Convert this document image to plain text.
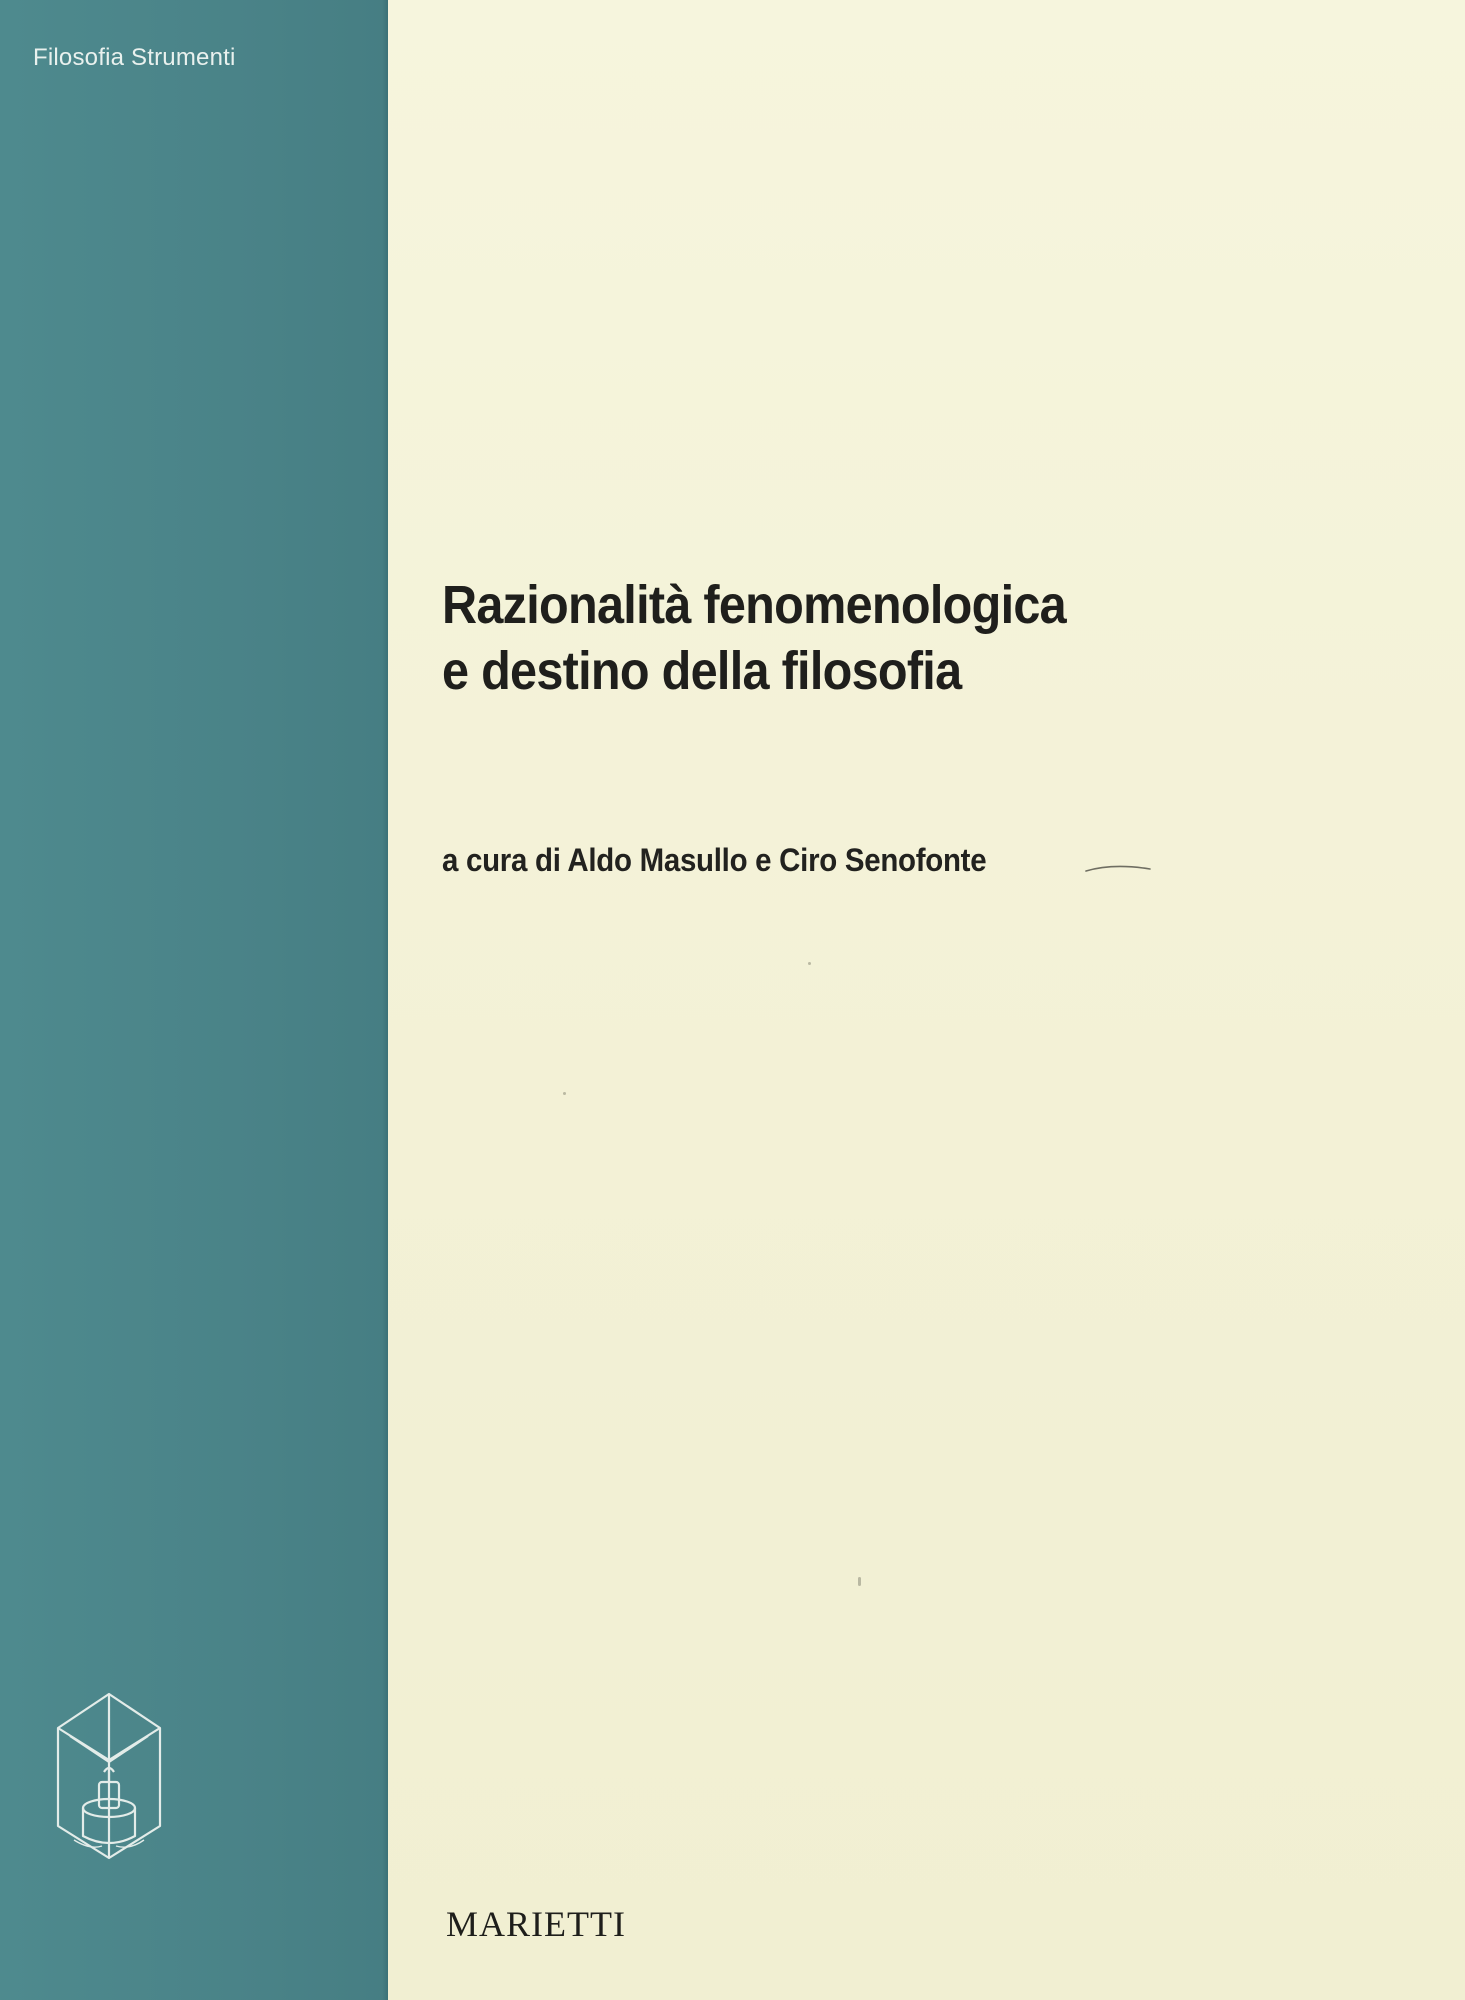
Filosofia Strumenti
Razionalità fenomenologica
e destino della filosofia
a cura di Aldo Masullo e Ciro Senofonte
MARIETTI
